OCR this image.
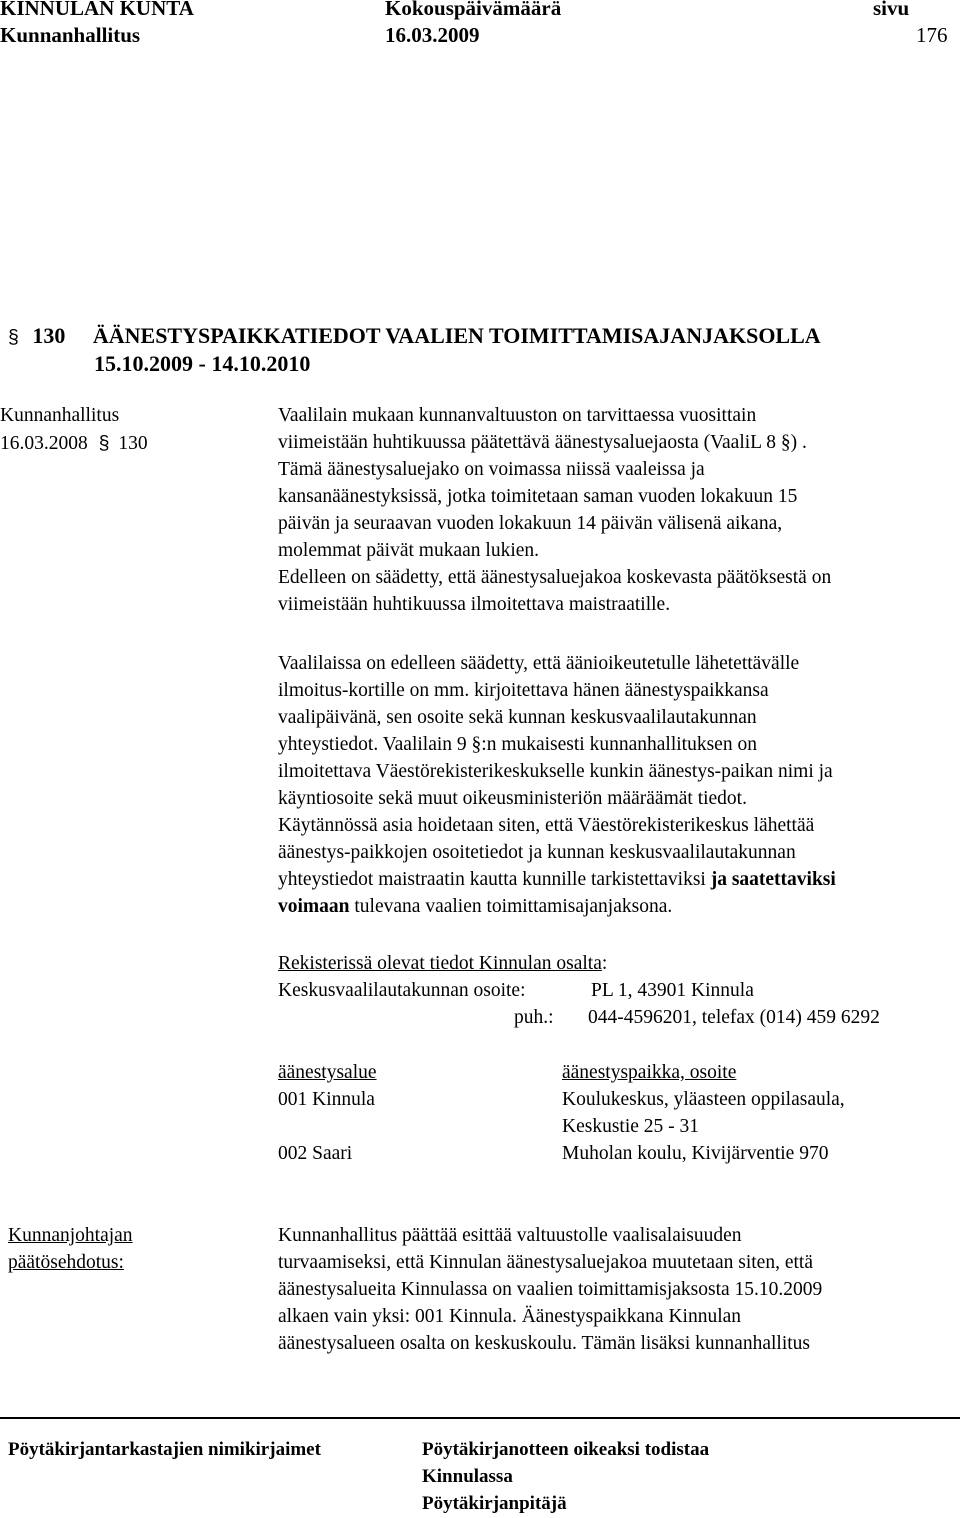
KINNULAN KUNTA	Kokouspäivämäärä	sivu
Kunnanhallitus	16.03.2009	176
§ 130 ÄÄNESTYSPAIKKATIEDOT VAALIEN TOIMITTAMISAJANJAKSOLLA
15.10.2009 - 14.10.2010
Kunnanhallitus
16.03.2008 § 130
Vaalilain mukaan kunnanvaltuuston on tarvittaessa vuosittain
viimeistään huhtikuussa päätettävä äänestysaluejaosta (VaaliL 8 §) .
Tämä äänestysaluejako on voimassa niissä vaaleissa ja
kansanäänestyksissä, jotka toimitetaan saman vuoden lokakuun 15
päivän ja seuraavan vuoden lokakuun 14 päivän välisenä aikana,
molemmat päivät mukaan lukien.
Edelleen on säädetty, että äänestysaluejakoa koskevasta päätöksestä on
viimeistään huhtikuussa ilmoitettava maistraatille.
Vaalilaissa on edelleen säädetty, että äänioikeutetulle lähetettävälle
ilmoitus-kortille on mm. kirjoitettava hänen äänestyspaikkansa
vaalipäivänä, sen osoite sekä kunnan keskusvaalilautakunnan
yhteystiedot. Vaalilain 9 §:n mukaisesti kunnanhallituksen on
ilmoitettava Väestörekisterikeskukselle kunkin äänestys-paikan nimi ja
käyntiosoite sekä muut oikeusministeriön määräämät tiedot.
Käytännössä asia hoidetaan siten, että Väestörekisterikeskus lähettää
äänestys-paikkojen osoitetiedot ja kunnan keskusvaalilautakunnan
yhteystiedot maistraatin kautta kunnille tarkistettaviksi ja saatettaviksi
voimaan tulevana vaalien toimittamisajanjaksona.
Rekisterissä olevat tiedot Kinnulan osalta:
Keskusvaalilautakunnan osoite:	PL 1, 43901 Kinnula
puh.: 044-4596201, telefax (014) 459 6292
äänestysalue	äänestyspaikka, osoite
001 Kinnula	Koulukeskus, yläasteen oppilasaula,
Keskustie 25 - 31
002 Saari	Muholan koulu, Kivijärventie 970
Kunnanjohtajan
päätösehdotus:
Kunnanhallitus päättää esittää valtuustolle vaalisalaisuuden
turvaamiseksi, että Kinnulan äänestysaluejakoa muutetaan siten, että
äänestysalueita Kinnulassa on vaalien toimittamisjaksosta 15.10.2009
alkaen vain yksi: 001 Kinnula. Äänestyspaikkana Kinnulan
äänestysalueen osalta on keskuskoulu. Tämän lisäksi kunnanhallitus
Pöytäkirjantarkastajien nimikirjaimet	Pöytäkirjanotteen oikeaksi todistaa
Kinnulassa
Pöytäkirjanpitäjä
